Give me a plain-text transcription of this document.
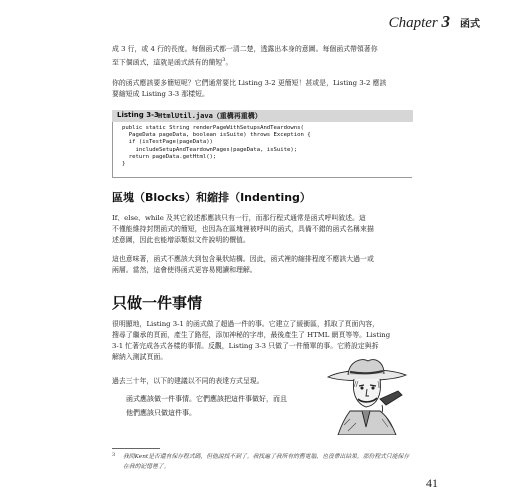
Chapter 3 函式
成 3 行，或 4 行的長度。每個函式都一清二楚，透露出本身的意圖。每個函式帶領著你
至下個函式，這就是函式該有的簡短$^3$。
你的函式應該要多簡短呢？它們通常要比 Listing 3-2 更簡短！甚或是，Listing 3-2 應該
要縮短成 Listing 3-3 那樣短。
Listing 3-3 HtmlUtil.java（重構再重構）
public static String renderPageWithSetupsAndTeardowns(
PageData pageData, boolean isSuite) throws Exception {
if (isTestPage(pageData))
includeSetupAndTeardownPages(pageData, isSuite);
return pageData.getHtml();
}
區塊（Blocks）和縮排（Indenting）
If、else、while 及其它敘述都應該只有一行，而那行程式通常是函式呼叫敘述。這
不僅能維持封閉函式的簡短，也因為在區塊裡被呼叫的函式，具備不錯的函式名稱來描
述意圖，因此也能增添類似文件說明的價值。
這也意味著，函式不應該大到包含巢狀結構。因此，函式裡的縮排程度不應該大過一或
兩層。當然，這會使得函式更容易閱讀和理解。
只做一件事情
很明顯地，Listing 3-1 的函式做了超過一件的事。它建立了緩衝區，抓取了頁面內容，
搜尋了繼承的頁面，產生了路徑，添加神秘的字串，最後產生了 HTML 網頁等等。Listing
3-1 忙著完成各式各樣的事情。反觀，Listing 3-3 只做了一件簡單的事。它將設定與拆
解納入測試頁面。
過去三十年，以下的建議以不同的表達方式呈現。
函式應該做一件事情。它們應該把這件事做好，而且
他們應該只做這件事。
3 我問Kent是否還有保存程式碼，但他說找不到了。我找遍了我所有的舊電腦，也沒帶出結果。那份程式只能保存在我的記憶裡了。
41
